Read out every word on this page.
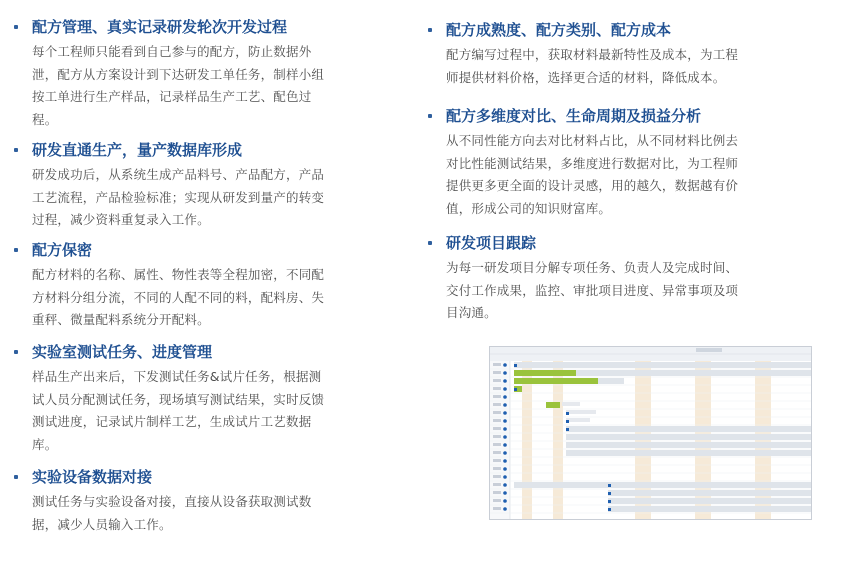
配方管理、真实记录研发轮次开发过程
每个工程师只能看到自己参与的配方，防止数据外
泄，配方从方案设计到下达研发工单任务，制样小组
按工单进行生产样品，记录样品生产工艺、配色过
程。
研发直通生产，量产数据库形成
研发成功后，从系统生成产品料号、产品配方，产品
工艺流程，产品检验标准；实现从研发到量产的转变
过程，减少资料重复录入工作。
配方保密
配方材料的名称、属性、物性表等全程加密，不同配
方材料分组分流，不同的人配不同的料，配料房、失
重秤、微量配料系统分开配料。
实验室测试任务、进度管理
样品生产出来后，下发测试任务&试片任务，根据测
试人员分配测试任务，现场填写测试结果，实时反馈
测试进度，记录试片制样工艺，生成试片工艺数据
库。
实验设备数据对接
测试任务与实验设备对接，直接从设备获取测试数
据，减少人员输入工作。
配方成熟度、配方类别、配方成本
配方编写过程中，获取材料最新特性及成本，为工程
师提供材料价格，选择更合适的材料，降低成本。
配方多维度对比、生命周期及损益分析
从不同性能方向去对比材料占比，从不同材料比例去
对比性能测试结果，多维度进行数据对比，为工程师
提供更多更全面的设计灵感，用的越久，数据越有价
值，形成公司的知识财富库。
研发项目跟踪
为每一研发项目分解专项任务、负责人及完成时间、
交付工作成果，监控、审批项目进度、异常事项及项
目沟通。
